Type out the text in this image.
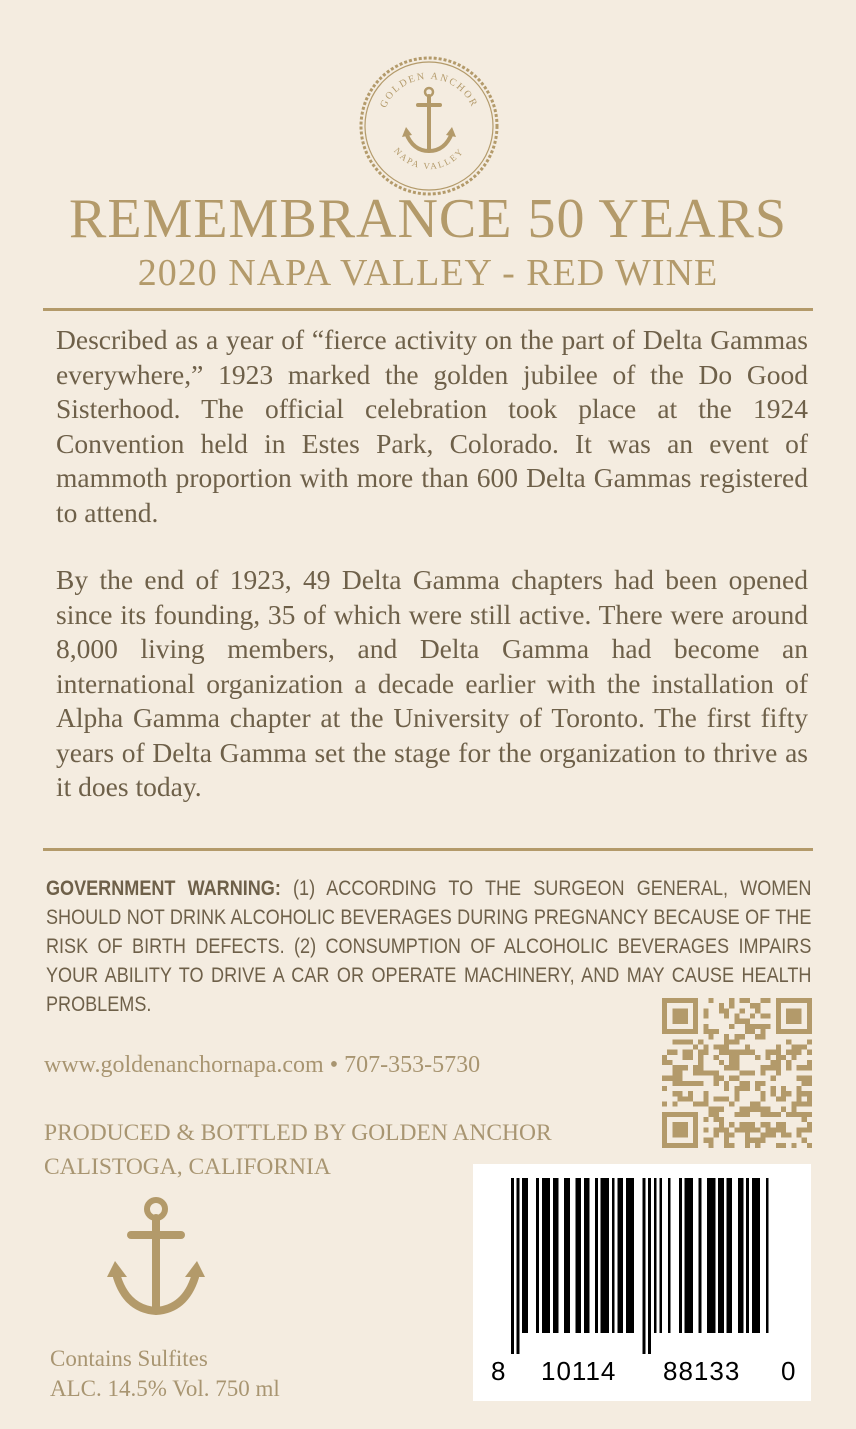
GOLDEN ANCHOR
NAPA VALLEY
REMEMBRANCE 50 YEARS
2020 NAPA VALLEY - RED WINE
Described as a year of “fierce activity on the part of Delta Gammas everywhere,” 1923 marked the golden jubilee of the Do Good Sisterhood. The official celebration took place at the 1924 Convention held in Estes Park, Colorado. It was an event of mammoth proportion with more than 600 Delta Gammas registered to attend.
By the end of 1923, 49 Delta Gamma chapters had been opened since its founding, 35 of which were still active. There were around 8,000 living members, and Delta Gamma had become an international organization a decade earlier with the installation of Alpha Gamma chapter at the University of Toronto. The first fifty years of Delta Gamma set the stage for the organization to thrive as it does today.
GOVERNMENT WARNING: (1) ACCORDING TO THE SURGEON GENERAL, WOMEN SHOULD NOT DRINK ALCOHOLIC BEVERAGES DURING PREGNANCY BECAUSE OF THE RISK OF BIRTH DEFECTS. (2) CONSUMPTION OF ALCOHOLIC BEVERAGES IMPAIRS YOUR ABILITY TO DRIVE A CAR OR OPERATE MACHINERY, AND MAY CAUSE HEALTH PROBLEMS.
www.goldenanchornapa.com • 707-353-5730
PRODUCED & BOTTLED BY GOLDEN ANCHOR
CALISTOGA, CALIFORNIA
8 10114 88133 0
Contains Sulfites
ALC. 14.5% Vol. 750 ml
